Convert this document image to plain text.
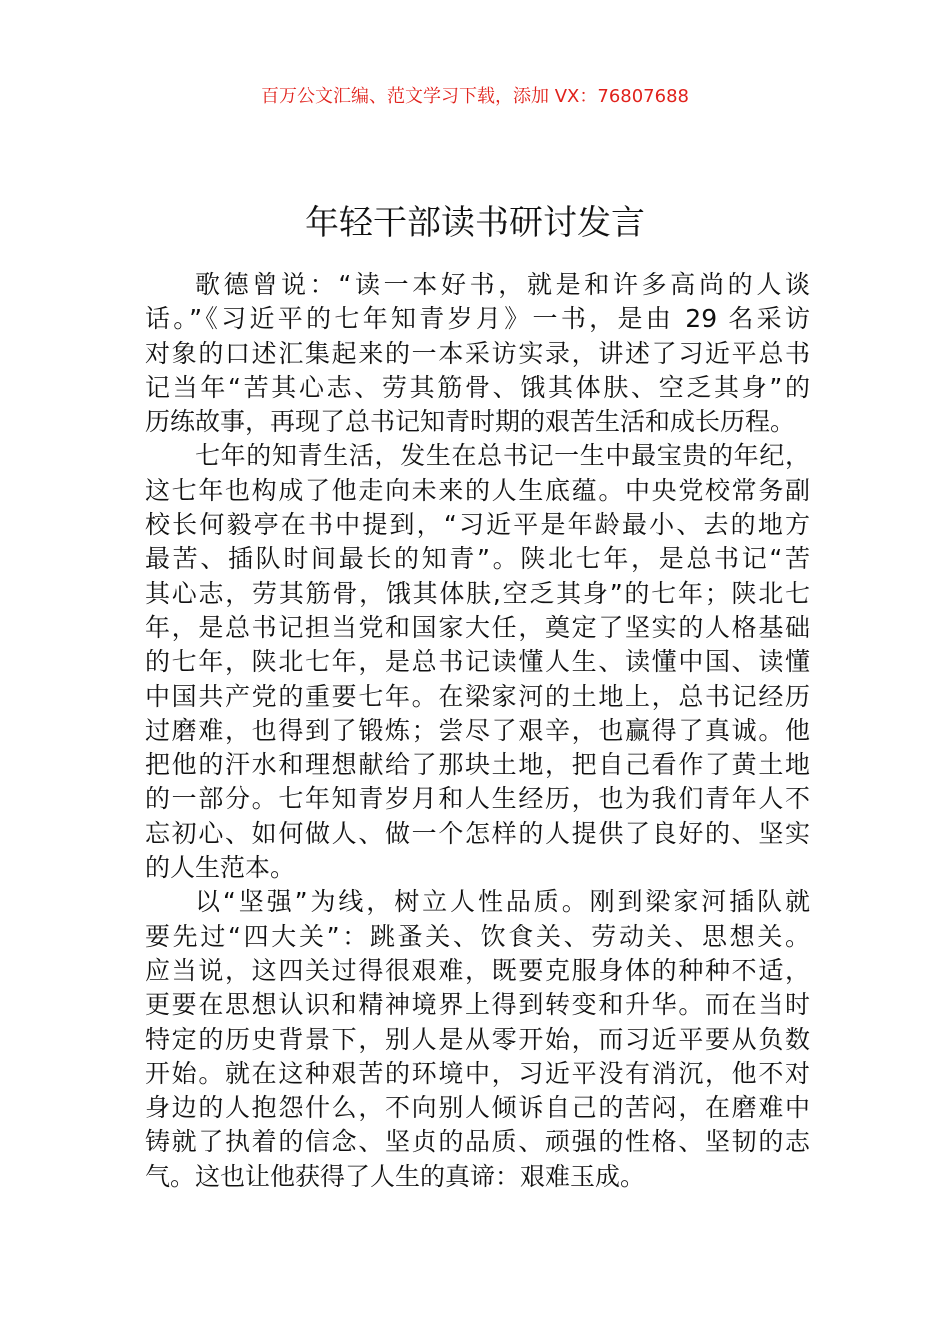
百万公文汇编、范文学习下载，添加 VX：76807688
年轻干部读书研讨发言

歌德曾说：“读一本好书，就是和许多高尚的人谈
话。”《习近平的七年知青岁月》一书，是由 29 名采访
对象的口述汇集起来的一本采访实录，讲述了习近平总书
记当年“苦其心志、劳其筋骨、饿其体肤、空乏其身”的
历练故事，再现了总书记知青时期的艰苦生活和成长历程。

七年的知青生活，发生在总书记一生中最宝贵的年纪，
这七年也构成了他走向未来的人生底蕴。中央党校常务副
校长何毅亭在书中提到，“习近平是年龄最小、去的地方
最苦、插队时间最长的知青”。陕北七年，是总书记“苦
其心志，劳其筋骨，饿其体肤,空乏其身”的七年；陕北七
年，是总书记担当党和国家大任，奠定了坚实的人格基础
的七年，陕北七年，是总书记读懂人生、读懂中国、读懂
中国共产党的重要七年。在梁家河的土地上，总书记经历
过磨难，也得到了锻炼；尝尽了艰辛，也赢得了真诚。他
把他的汗水和理想献给了那块土地，把自己看作了黄土地
的一部分。七年知青岁月和人生经历，也为我们青年人不
忘初心、如何做人、做一个怎样的人提供了良好的、坚实
的人生范本。

以“坚强”为线，树立人性品质。刚到梁家河插队就
要先过“四大关”：跳蚤关、饮食关、劳动关、思想关。
应当说，这四关过得很艰难，既要克服身体的种种不适，
更要在思想认识和精神境界上得到转变和升华。而在当时
特定的历史背景下，别人是从零开始，而习近平要从负数
开始。就在这种艰苦的环境中，习近平没有消沉，他不对
身边的人抱怨什么，不向别人倾诉自己的苦闷，在磨难中
铸就了执着的信念、坚贞的品质、顽强的性格、坚韧的志
气。这也让他获得了人生的真谛：艰难玉成。
